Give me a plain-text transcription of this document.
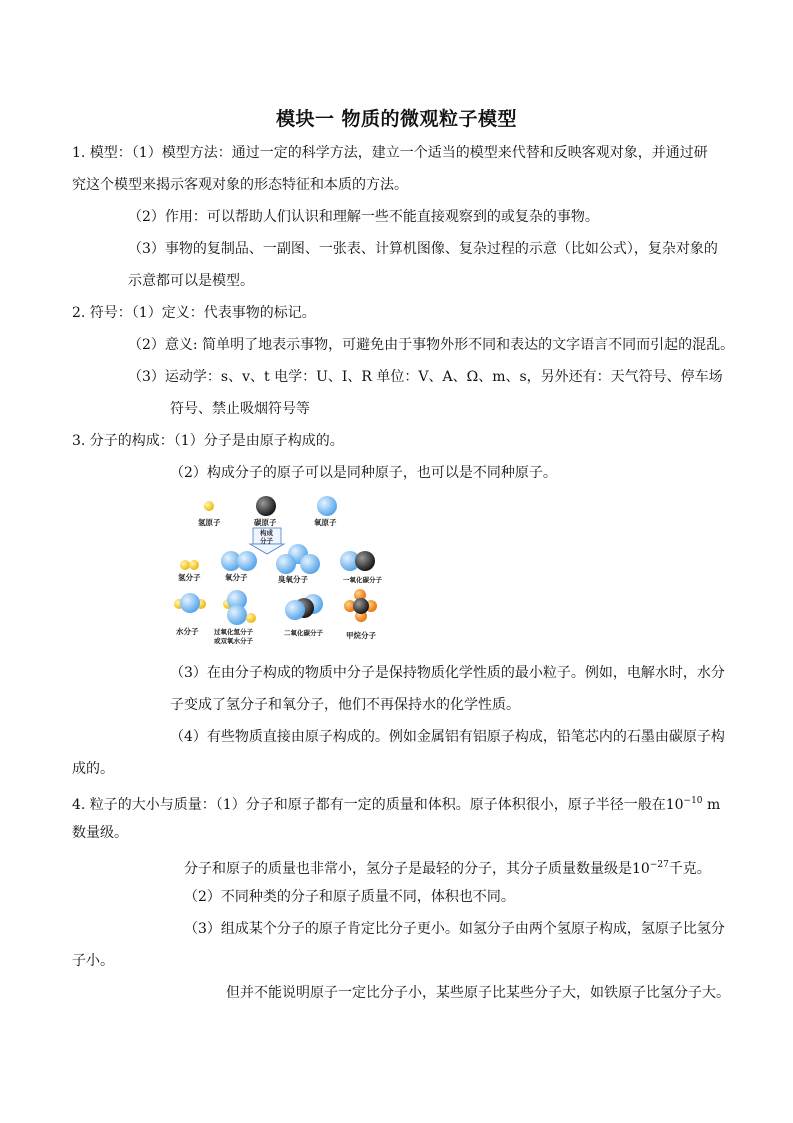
模块一 物质的微观粒子模型
1. 模型：（1）模型方法：通过一定的科学方法，建立一个适当的模型来代替和反映客观对象，并通过研
究这个模型来揭示客观对象的形态特征和本质的方法。
（2）作用：可以帮助人们认识和理解一些不能直接观察到的或复杂的事物。
（3）事物的复制品、一副图、一张表、计算机图像、复杂过程的示意（比如公式），复杂对象的
示意都可以是模型。
2. 符号：（1）定义：代表事物的标记。
（2）意义: 简单明了地表示事物，可避免由于事物外形不同和表达的文字语言不同而引起的混乱。
（3）运动学：s、v、t 电学：U、I、R 单位：V、A、Ω、m、s，另外还有：天气符号、停车场
符号、禁止吸烟符号等
3. 分子的构成：（1）分子是由原子构成的。
（2）构成分子的原子可以是同种原子，也可以是不同种原子。
氢原子	碳原子	氧原子
构成
分子
氢分子	氧分子	臭氧分子	一氧化碳分子
水分子 过氧化氢分子
或双氧水分子
二氧化碳分子	甲烷分子
（3）在由分子构成的物质中分子是保持物质化学性质的最小粒子。例如，电解水时，水分
子变成了氢分子和氧分子，他们不再保持水的化学性质。
（4）有些物质直接由原子构成的。例如金属铝有铝原子构成，铅笔芯内的石墨由碳原子构
成的。
4. 粒子的大小与质量：（1）分子和原子都有一定的质量和体积。原子体积很小，原子半径一般在$10^{-10}$ m
数量级。
分子和原子的质量也非常小，氢分子是最轻的分子，其分子质量数量级是$10^{-27}$千克。
（2）不同种类的分子和原子质量不同，体积也不同。
（3）组成某个分子的原子肯定比分子更小。如氢分子由两个氢原子构成，氢原子比氢分
子小。
但并不能说明原子一定比分子小，某些原子比某些分子大，如铁原子比氢分子大。
